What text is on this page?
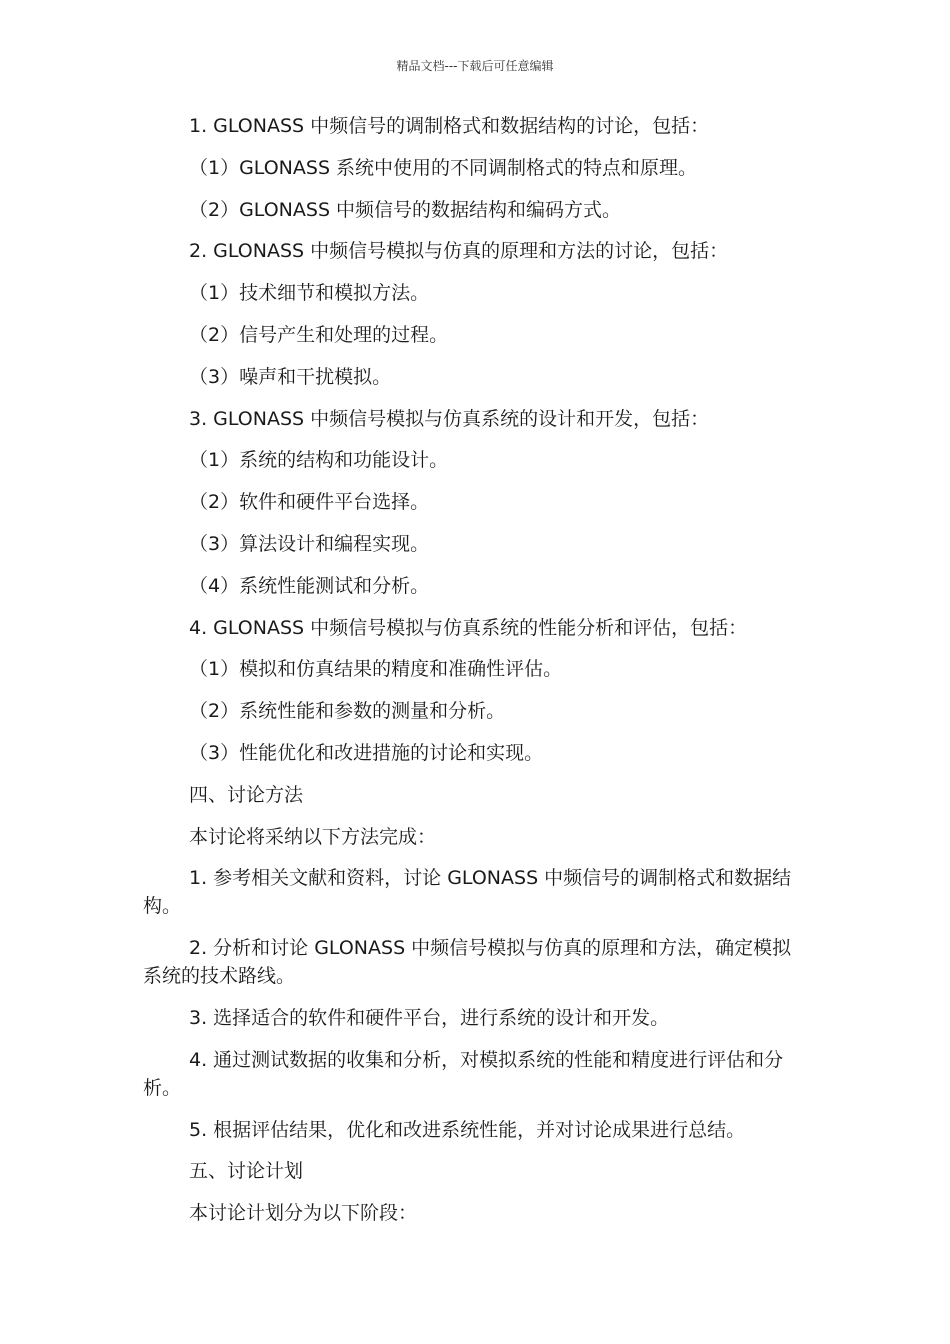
精品文档---下载后可任意编辑

1. GLONASS 中频信号的调制格式和数据结构的讨论，包括：

（1）GLONASS 系统中使用的不同调制格式的特点和原理。

（2）GLONASS 中频信号的数据结构和编码方式。

2. GLONASS 中频信号模拟与仿真的原理和方法的讨论，包括：

（1）技术细节和模拟方法。

（2）信号产生和处理的过程。

（3）噪声和干扰模拟。

3. GLONASS 中频信号模拟与仿真系统的设计和开发，包括：

（1）系统的结构和功能设计。

（2）软件和硬件平台选择。

（3）算法设计和编程实现。

（4）系统性能测试和分析。

4. GLONASS 中频信号模拟与仿真系统的性能分析和评估，包括：

（1）模拟和仿真结果的精度和准确性评估。

（2）系统性能和参数的测量和分析。

（3）性能优化和改进措施的讨论和实现。

四、讨论方法

本讨论将采纳以下方法完成：

1. 参考相关文献和资料，讨论 GLONASS 中频信号的调制格式和数据结构。

2. 分析和讨论 GLONASS 中频信号模拟与仿真的原理和方法，确定模拟系统的技术路线。

3. 选择适合的软件和硬件平台，进行系统的设计和开发。

4. 通过测试数据的收集和分析，对模拟系统的性能和精度进行评估和分析。

5. 根据评估结果，优化和改进系统性能，并对讨论成果进行总结。

五、讨论计划

本讨论计划分为以下阶段：
